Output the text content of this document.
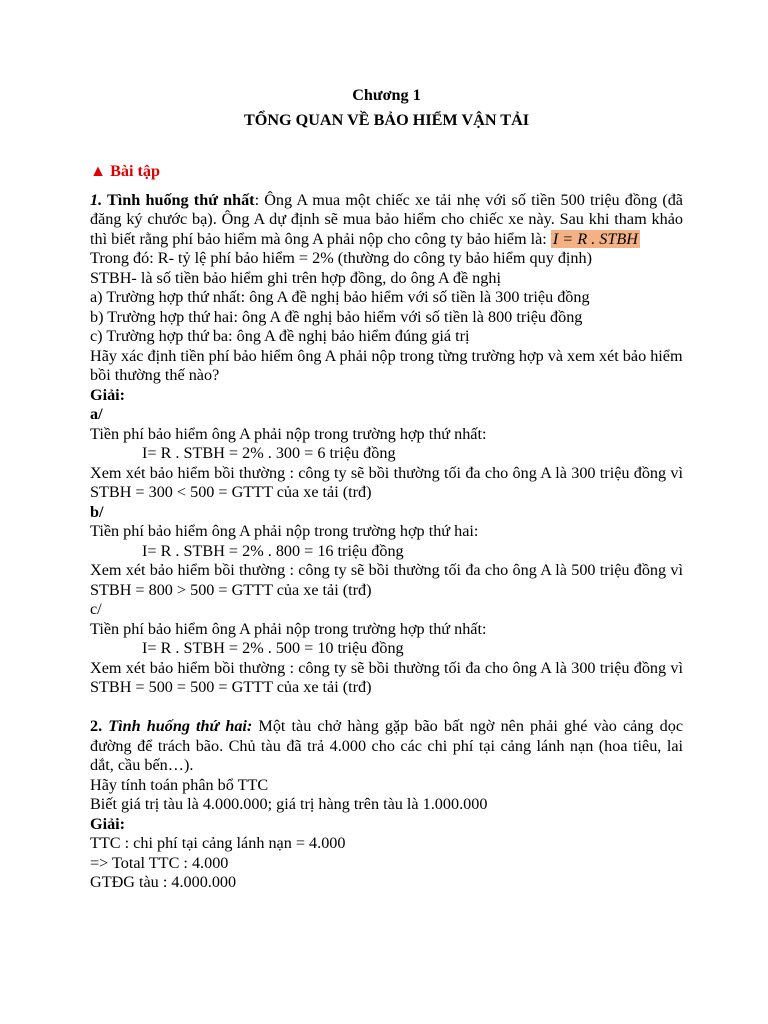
Chương 1
TỔNG QUAN VỀ BẢO HIỂM VẬN TẢI
▲ Bài tập
1. Tình huống thứ nhất: Ông A mua một chiếc xe tải nhẹ với số tiền 500 triệu đồng (đã đăng ký chước bạ). Ông A dự định sẽ mua bảo hiểm cho chiếc xe này. Sau khi tham khảo thì biết rằng phí bảo hiểm mà ông A phải nộp cho công ty bảo hiểm là: I = R . STBH
Trong đó: R- tỷ lệ phí bảo hiểm = 2% (thường do công ty bảo hiểm quy định)
STBH- là số tiền bảo hiểm ghi trên hợp đồng, do ông A đề nghị
a) Trường hợp thứ nhất: ông A đề nghị bảo hiểm với số tiền là 300 triệu đồng
b) Trường hợp thứ hai: ông A đề nghị bảo hiểm với số tiền là 800 triệu đồng
c) Trường hợp thứ ba: ông A đề nghị bảo hiểm đúng giá trị
Hãy xác định tiền phí bảo hiểm ông A phải nộp trong từng trường hợp và xem xét bảo hiểm bồi thường thế nào?
Giải:
a/
Tiền phí bảo hiểm ông A phải nộp trong trường hợp thứ nhất:
I= R . STBH = 2% . 300 = 6 triệu đồng
Xem xét bảo hiểm bồi thường : công ty sẽ bồi thường tối đa cho ông A là 300 triệu đồng vì STBH = 300 < 500 = GTTT của xe tải (trđ)
b/
Tiền phí bảo hiểm ông A phải nộp trong trường hợp thứ hai:
I= R . STBH = 2% . 800 = 16 triệu đồng
Xem xét bảo hiểm bồi thường : công ty sẽ bồi thường tối đa cho ông A là 500 triệu đồng vì STBH = 800 > 500 = GTTT của xe tải (trđ)
c/
Tiền phí bảo hiểm ông A phải nộp trong trường hợp thứ nhất:
I= R . STBH = 2% . 500 = 10 triệu đồng
Xem xét bảo hiểm bồi thường : công ty sẽ bồi thường tối đa cho ông A là 300 triệu đồng vì STBH = 500 = 500 = GTTT của xe tải (trđ)
2. Tình huống thứ hai: Một tàu chở hàng gặp bão bất ngờ nên phải ghé vào cảng dọc đường để trách bão. Chủ tàu đã trả 4.000 cho các chi phí tại cảng lánh nạn (hoa tiêu, lai dắt, cầu bến…).
Hãy tính toán phân bổ TTC
Biết giá trị tàu là 4.000.000; giá trị hàng trên tàu là 1.000.000
Giải:
TTC : chi phí tại cảng lánh nạn = 4.000
=> Total TTC : 4.000
GTĐG tàu : 4.000.000
